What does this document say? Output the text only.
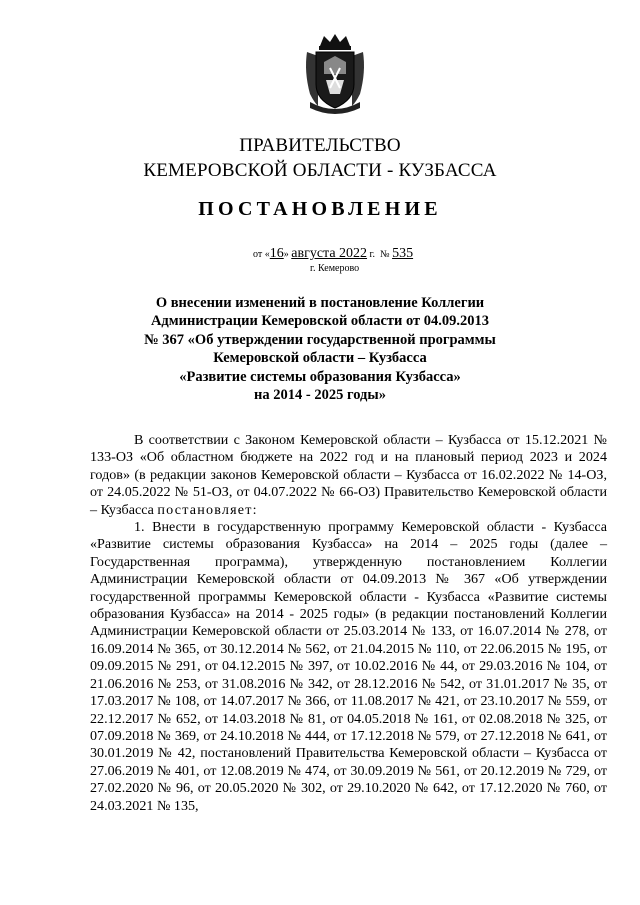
ПРАВИТЕЛЬСТВО
КЕМЕРОВСКОЙ ОБЛАСТИ - КУЗБАССА
ПОСТАНОВЛЕНИЕ
от «16» августа 2022 г. № 535
г. Кемерово
О внесении изменений в постановление Коллегии
Администрации Кемеровской области от 04.09.2013
№ 367 «Об утверждении государственной программы
Кемеровской области – Кузбасса
«Развитие системы образования Кузбасса»
на 2014 - 2025 годы»

В соответствии с Законом Кемеровской области – Кузбасса от 15.12.2021 № 133-ОЗ «Об областном бюджете на 2022 год и на плановый период 2023 и 2024 годов» (в редакции законов Кемеровской области – Кузбасса от 16.02.2022 № 14-ОЗ, от 24.05.2022 № 51-ОЗ, от 04.07.2022 № 66-ОЗ) Правительство Кемеровской области – Кузбасса постановляет:

1. Внести в государственную программу Кемеровской области - Кузбасса «Развитие системы образования Кузбасса» на 2014 – 2025 годы (далее – Государственная программа), утвержденную постановлением Коллегии Администрации Кемеровской области от 04.09.2013 № 367 «Об утверждении государственной программы Кемеровской области - Кузбасса «Развитие системы образования Кузбасса» на 2014 - 2025 годы» (в редакции постановлений Коллегии Администрации Кемеровской области от 25.03.2014 № 133, от 16.07.2014 № 278, от 16.09.2014 № 365, от 30.12.2014 № 562, от 21.04.2015 № 110, от 22.06.2015 № 195, от 09.09.2015 № 291, от 04.12.2015 № 397, от 10.02.2016 № 44, от 29.03.2016 № 104, от 21.06.2016 № 253, от 31.08.2016 № 342, от 28.12.2016 № 542, от 31.01.2017 № 35, от 17.03.2017 № 108, от 14.07.2017 № 366, от 11.08.2017 № 421, от 23.10.2017 № 559, от 22.12.2017 № 652, от 14.03.2018 № 81, от 04.05.2018 № 161, от 02.08.2018 № 325, от 07.09.2018 № 369, от 24.10.2018 № 444, от 17.12.2018 № 579, от 27.12.2018 № 641, от 30.01.2019 № 42, постановлений Правительства Кемеровской области – Кузбасса от 27.06.2019 № 401, от 12.08.2019 № 474, от 30.09.2019 № 561, от 20.12.2019 № 729, от 27.02.2020 № 96, от 20.05.2020 № 302, от 29.10.2020 № 642, от 17.12.2020 № 760, от 24.03.2021 № 135,
